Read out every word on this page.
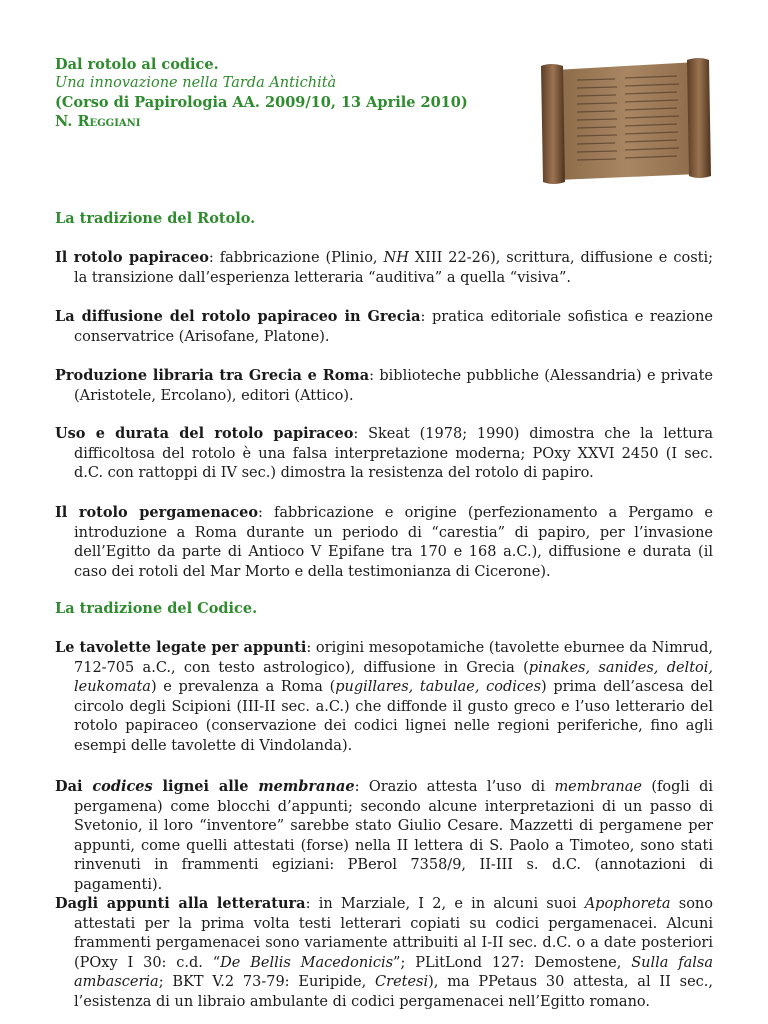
Dal rotolo al codice.
Una innovazione nella Tarda Antichità
(Corso di Papirologia AA. 2009/10, 13 Aprile 2010)
N. Reggiani
La tradizione del Rotolo.
Il rotolo papiraceo: fabbricazione (Plinio, NH XIII 22-26), scrittura, diffusione e costi; la transizione dall’esperienza letteraria “auditiva” a quella “visiva”.
La diffusione del rotolo papiraceo in Grecia: pratica editoriale sofistica e reazione conservatrice (Arisofane, Platone).
Produzione libraria tra Grecia e Roma: biblioteche pubbliche (Alessandria) e private (Aristotele, Ercolano), editori (Attico).
Uso e durata del rotolo papiraceo: Skeat (1978; 1990) dimostra che la lettura difficoltosa del rotolo è una falsa interpretazione moderna; POxy XXVI 2450 (I sec. d.C. con rattoppi di IV sec.) dimostra la resistenza del rotolo di papiro.
Il rotolo pergamenaceo: fabbricazione e origine (perfezionamento a Pergamo e introduzione a Roma durante un periodo di “carestia” di papiro, per l’invasione dell’Egitto da parte di Antioco V Epifane tra 170 e 168 a.C.), diffusione e durata (il caso dei rotoli del Mar Morto e della testimonianza di Cicerone).
La tradizione del Codice.
Le tavolette legate per appunti: origini mesopotamiche (tavolette eburnee da Nimrud, 712-705 a.C., con testo astrologico), diffusione in Grecia (pinakes, sanides, deltoi, leukomata) e prevalenza a Roma (pugillares, tabulae, codices) prima dell’ascesa del circolo degli Scipioni (III-II sec. a.C.) che diffonde il gusto greco e l’uso letterario del rotolo papiraceo (conservazione dei codici lignei nelle regioni periferiche, fino agli esempi delle tavolette di Vindolanda).
Dai codices lignei alle membranae: Orazio attesta l’uso di membranae (fogli di pergamena) come blocchi d’appunti; secondo alcune interpretazioni di un passo di Svetonio, il loro “inventore” sarebbe stato Giulio Cesare. Mazzetti di pergamene per appunti, come quelli attestati (forse) nella II lettera di S. Paolo a Timoteo, sono stati rinvenuti in frammenti egiziani: PBerol 7358/9, II-III s. d.C. (annotazioni di pagamenti).
Dagli appunti alla letteratura: in Marziale, I 2, e in alcuni suoi Apophoreta sono attestati per la prima volta testi letterari copiati su codici pergamenacei. Alcuni frammenti pergamenacei sono variamente attribuiti al I-II sec. d.C. o a date posteriori (POxy I 30: c.d. “De Bellis Macedonicis”; PLitLond 127: Demostene, Sulla falsa ambasceria; BKT V.2 73-79: Euripide, Cretesi), ma PPetaus 30 attesta, al II sec., l’esistenza di un libraio ambulante di codici pergamenacei nell’Egitto romano.
